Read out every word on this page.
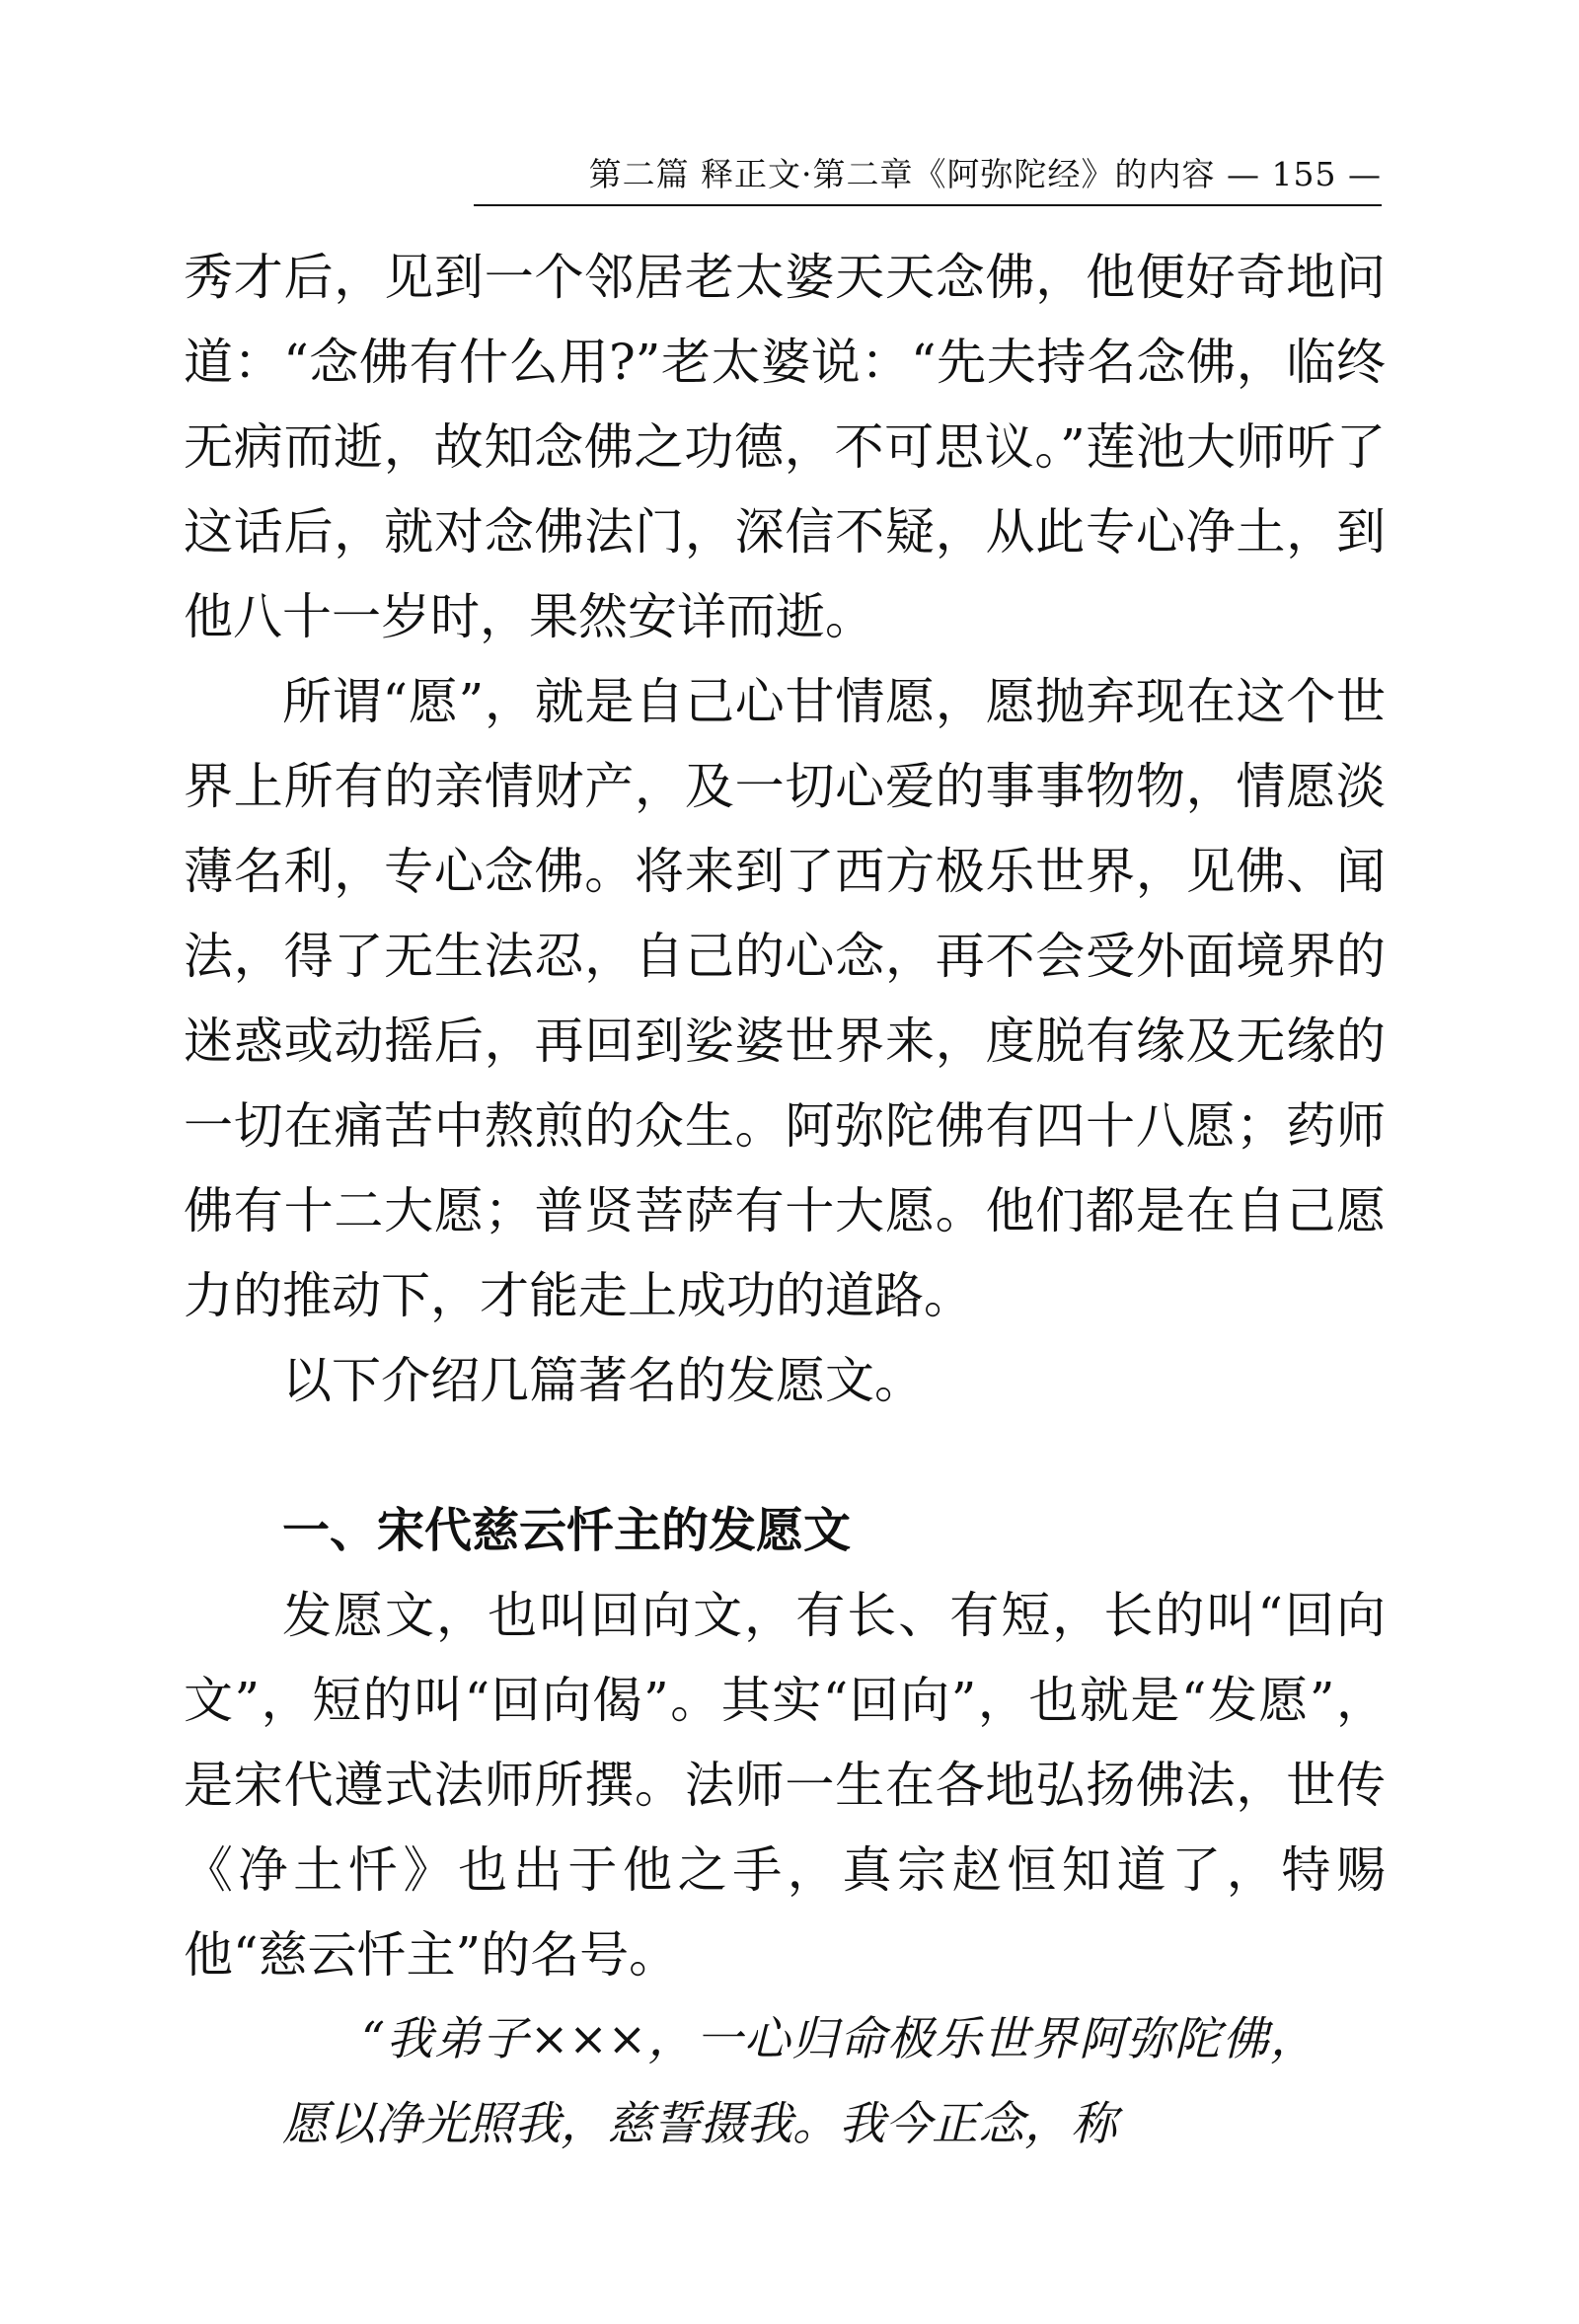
第二篇 释正文·第二章《阿弥陀经》的内容 — 155 —

秀才后，见到一个邻居老太婆天天念佛，他便好奇地问道：“念佛有什么用?”老太婆说：“先夫持名念佛，临终无病而逝，故知念佛之功德，不可思议。”莲池大师听了这话后，就对念佛法门，深信不疑，从此专心净土，到他八十一岁时，果然安详而逝。

所谓“愿”，就是自己心甘情愿，愿抛弃现在这个世界上所有的亲情财产，及一切心爱的事事物物，情愿淡薄名利，专心念佛。将来到了西方极乐世界，见佛、闻法，得了无生法忍，自己的心念，再不会受外面境界的迷惑或动摇后，再回到娑婆世界来，度脱有缘及无缘的一切在痛苦中熬煎的众生。阿弥陀佛有四十八愿；药师佛有十二大愿；普贤菩萨有十大愿。他们都是在自己愿力的推动下，才能走上成功的道路。

以下介绍几篇著名的发愿文。

一、宋代慈云忏主的发愿文

发愿文，也叫回向文，有长、有短，长的叫“回向文”，短的叫“回向偈”。其实“回向”，也就是“发愿”，是宋代遵式法师所撰。法师一生在各地弘扬佛法，世传《净土忏》也出于他之手，真宗赵恒知道了，特赐他“慈云忏主”的名号。

“我弟子×××，一心归命极乐世界阿弥陀佛，愿以净光照我，慈誓摄我。我今正念，称
